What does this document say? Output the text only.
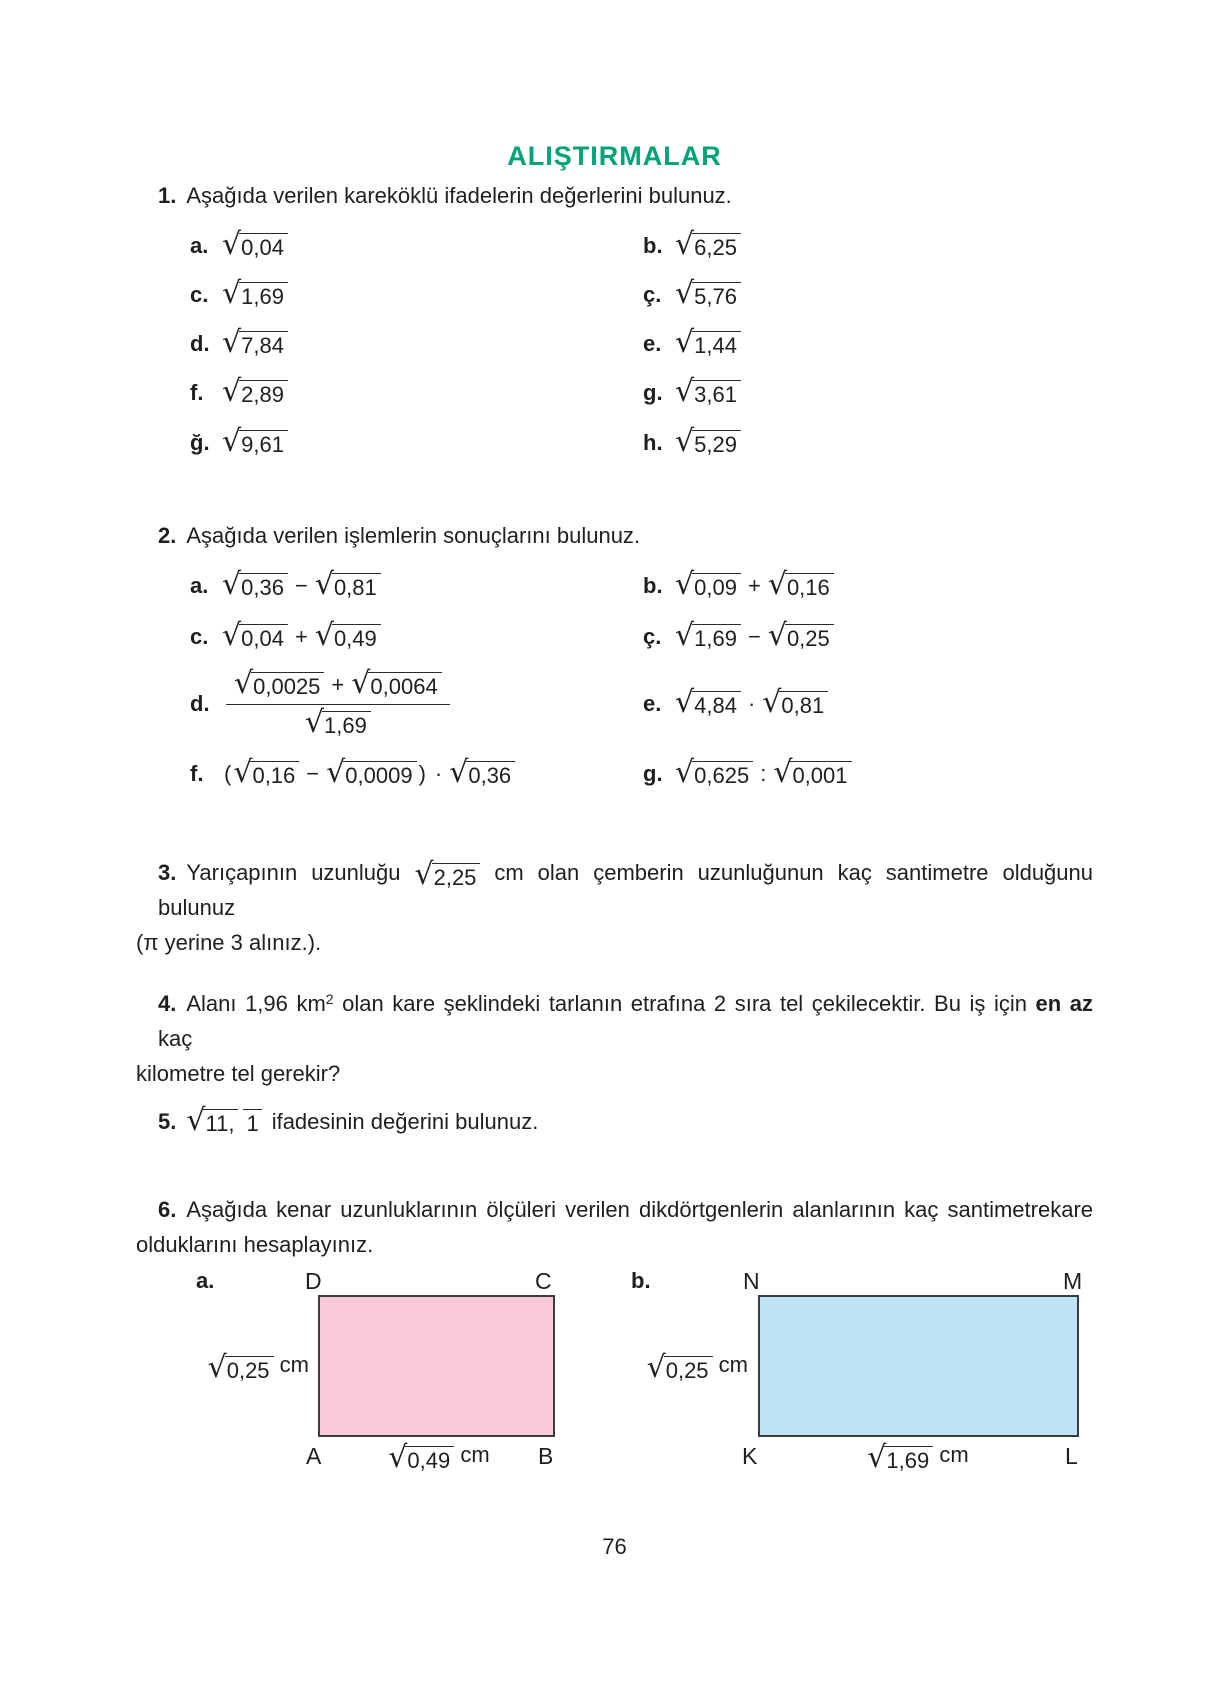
ALIŞTIRMALAR
1. Aşağıda verilen kareköklü ifadelerin değerlerini bulunuz.
a. √ 0,04	b. √ 6,25
c. √ 1,69	ç. √ 5,76
d. √ 7,84	e. √ 1,44
f. √ 2,89	g. √ 3,61
ğ. √ 9,61	h. √ 5,29
2. Aşağıda verilen işlemlerin sonuçlarını bulunuz.
a. √ 0,36 − √ 0,81	b. √ 0,09 + √ 0,16
c. √ 0,04 + √ 0,49	ç. √ 1,69 − √ 0,25
d. $\frac{√ 0,0025 + √ 0,0064}{√ 1,69}$	e. √ 4,84 · √ 0,81
f. ( √ 0,16 − √ 0,0009 ) · √ 0,36	g. √ 0,625 : √ 0,001
3. Yarıçapının uzunluğu √ 2,25 cm olan çemberin uzunluğunun kaç santimetre olduğunu bulunuz
(π yerine 3 alınız.).
4. Alanı 1,96 $km^2$ olan kare şeklindeki tarlanın etrafına 2 sıra tel çekilecektir. Bu iş için en az kaç
kilometre tel gerekir?
5. √ 11, 1 ifadesinin değerini bulunuz.
6. Aşağıda kenar uzunluklarının ölçüleri verilen dikdörtgenlerin alanlarının kaç santimetrekare
olduklarını hesaplayınız.
a.	D	C
A	B
√ 0,25 cm
√ 0,49 cm
b.	N	M
K	L
√ 0,25 cm
√ 1,69 cm
76
